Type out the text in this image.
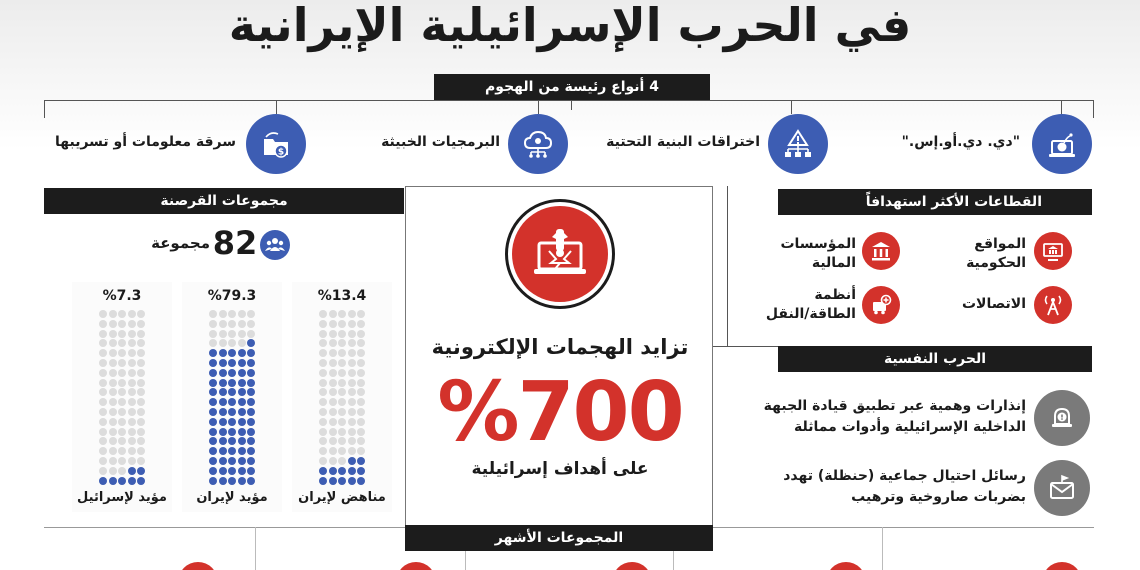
في الحرب الإسرائيلية الإيرانية
4 أنواع رئيسة من الهجوم
"دي. دي.أو.إس."
اختراقات البنية التحتية
البرمجيات الخبيثة
$
سرقة معلومات أو تسريبها
مجموعات القرصنة
82
مجموعة
%7.3
مؤيد لإسرائيل
%79.3
مؤيد لإيران
%13.4
مناهض لإيران
تزايد الهجمات الإلكترونية
%700
على أهداف إسرائيلية
القطاعات الأكثر استهدافاً
المواقع الحكومية
المؤسسات المالية
الاتصالات
أنظمة الطاقة/النقل
الحرب النفسية
إنذارات وهمية عبر تطبيق قيادة الجبهة الداخلية الإسرائيلية وأدوات مماثلة
رسائل احتيال جماعية (حنظلة) تهدد بضربات صاروخية وترهيب
المجموعات الأشهر
